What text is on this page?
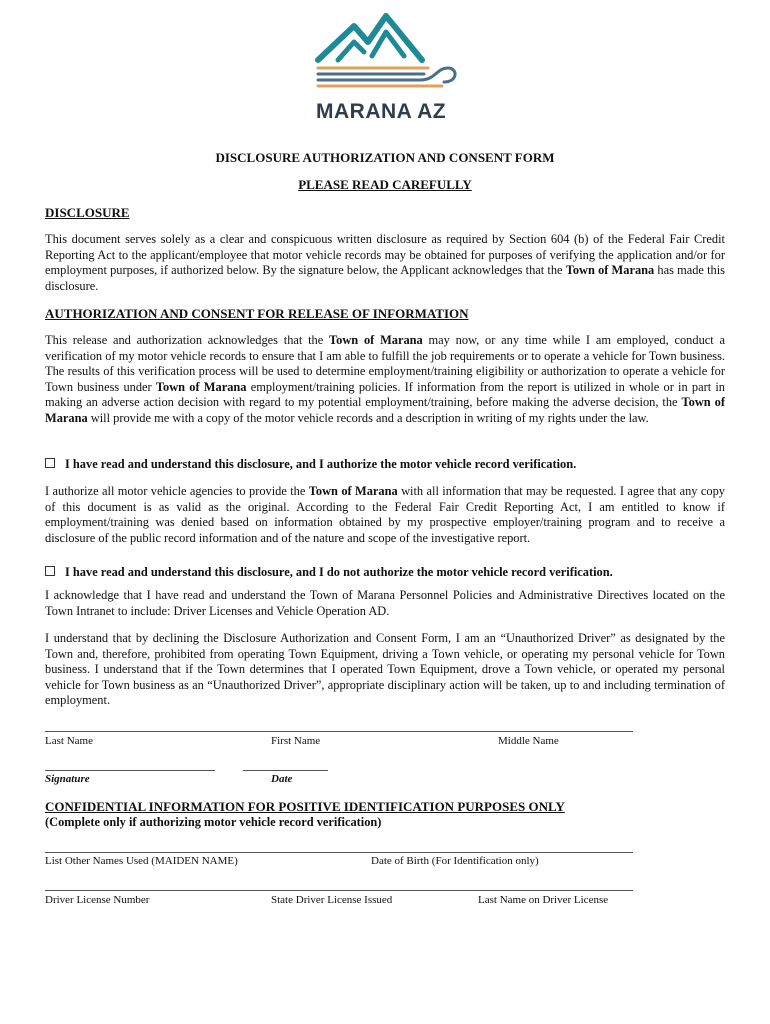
MARANA AZ
DISCLOSURE AUTHORIZATION AND CONSENT FORM
PLEASE READ CAREFULLY
DISCLOSURE
This document serves solely as a clear and conspicuous written disclosure as required by Section 604 (b) of the Federal Fair Credit Reporting Act to the applicant/employee that motor vehicle records may be obtained for purposes of verifying the application and/or for employment purposes, if authorized below. By the signature below, the Applicant acknowledges that the Town of Marana has made this disclosure.
AUTHORIZATION AND CONSENT FOR RELEASE OF INFORMATION
This release and authorization acknowledges that the Town of Marana may now, or any time while I am employed, conduct a verification of my motor vehicle records to ensure that I am able to fulfill the job requirements or to operate a vehicle for Town business. The results of this verification process will be used to determine employment/training eligibility or authorization to operate a vehicle for Town business under Town of Marana employment/training policies. If information from the report is utilized in whole or in part in making an adverse action decision with regard to my potential employment/training, before making the adverse decision, the Town of Marana will provide me with a copy of the motor vehicle records and a description in writing of my rights under the law.
I have read and understand this disclosure, and I authorize the motor vehicle record verification.
I authorize all motor vehicle agencies to provide the Town of Marana with all information that may be requested. I agree that any copy of this document is as valid as the original. According to the Federal Fair Credit Reporting Act, I am entitled to know if employment/training was denied based on information obtained by my prospective employer/training program and to receive a disclosure of the public record information and of the nature and scope of the investigative report.
I have read and understand this disclosure, and I do not authorize the motor vehicle record verification.
I acknowledge that I have read and understand the Town of Marana Personnel Policies and Administrative Directives located on the Town Intranet to include: Driver Licenses and Vehicle Operation AD.
I understand that by declining the Disclosure Authorization and Consent Form, I am an “Unauthorized Driver” as designated by the Town and, therefore, prohibited from operating Town Equipment, driving a Town vehicle, or operating my personal vehicle for Town business. I understand that if the Town determines that I operated Town Equipment, drove a Town vehicle, or operated my personal vehicle for Town business as an “Unauthorized Driver”, appropriate disciplinary action will be taken, up to and including termination of employment.
Last Name	First Name	Middle Name
Signature	Date
CONFIDENTIAL INFORMATION FOR POSITIVE IDENTIFICATION PURPOSES ONLY
(Complete only if authorizing motor vehicle record verification)
List Other Names Used (MAIDEN NAME)	Date of Birth (For Identification only)
Driver License Number	State Driver License Issued	Last Name on Driver License
